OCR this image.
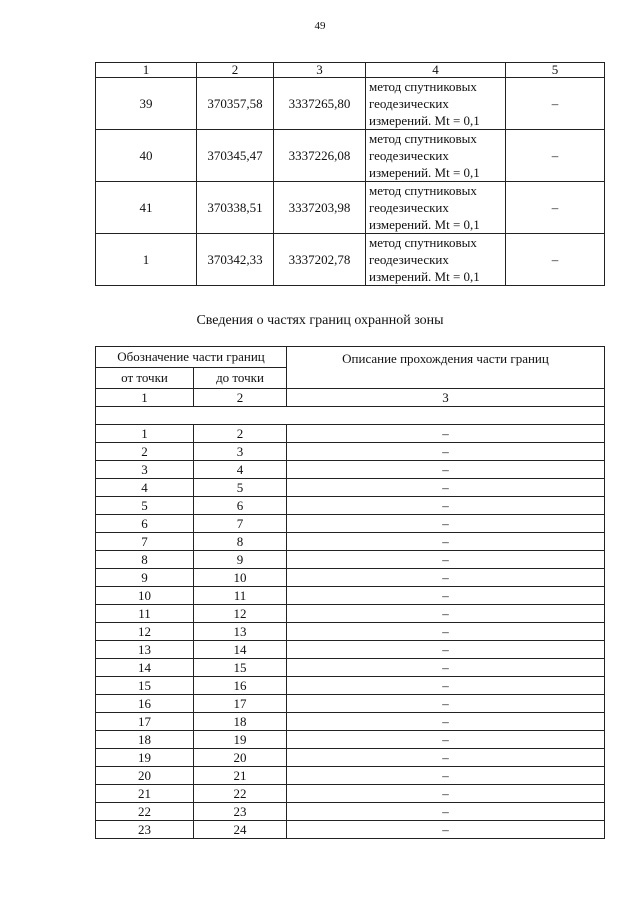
49
1	2	3	4	5
39	370357,58	3337265,80	метод спутниковых
геодезических
измерений. Mt = 0,1	–
40	370345,47	3337226,08	метод спутниковых
геодезических
измерений. Mt = 0,1	–
41	370338,51	3337203,98	метод спутниковых
геодезических
измерений. Mt = 0,1	–
1	370342,33	3337202,78	метод спутниковых
геодезических
измерений. Mt = 0,1	–
Сведения о частях границ охранной зоны
Обозначение части границ		Описание прохождения части границ
от точки	до точки	
1	2	3

1	2	–
2	3	–
3	4	–
4	5	–
5	6	–
6	7	–
7	8	–
8	9	–
9	10	–
10	11	–
11	12	–
12	13	–
13	14	–
14	15	–
15	16	–
16	17	–
17	18	–
18	19	–
19	20	–
20	21	–
21	22	–
22	23	–
23	24	–
